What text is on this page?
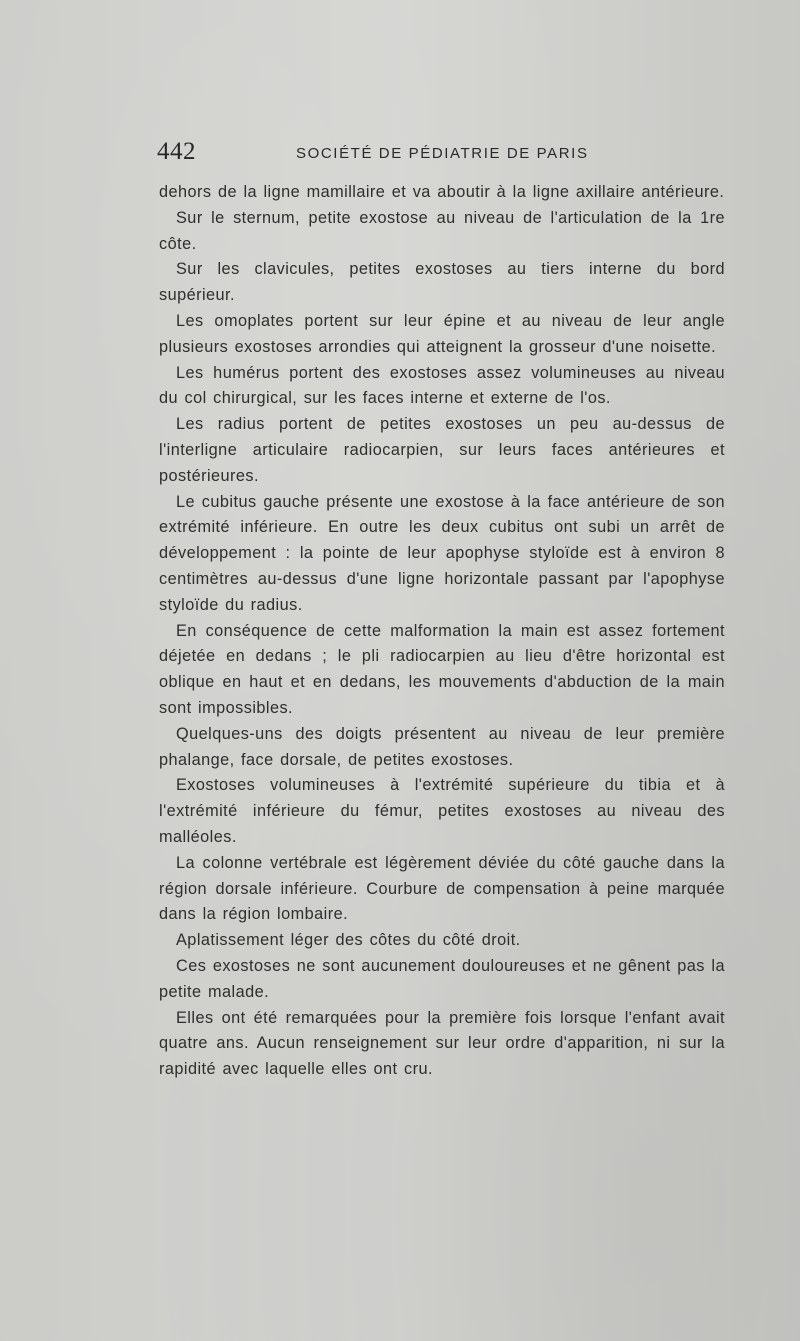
442	SOCIÉTÉ DE PÉDIATRIE DE PARIS

dehors de la ligne mamillaire et va aboutir à la ligne axillaire antérieure.

Sur le sternum, petite exostose au niveau de l'articulation de la 1re côte.

Sur les clavicules, petites exostoses au tiers interne du bord supérieur.

Les omoplates portent sur leur épine et au niveau de leur angle plusieurs exostoses arrondies qui atteignent la grosseur d'une noisette.

Les humérus portent des exostoses assez volumineuses au niveau du col chirurgical, sur les faces interne et externe de l'os.

Les radius portent de petites exostoses un peu au-dessus de l'interligne articulaire radiocarpien, sur leurs faces antérieures et postérieures.

Le cubitus gauche présente une exostose à la face antérieure de son extrémité inférieure. En outre les deux cubitus ont subi un arrêt de développement : la pointe de leur apophyse styloïde est à environ 8 centimètres au-dessus d'une ligne horizontale passant par l'apophyse styloïde du radius.

En conséquence de cette malformation la main est assez fortement déjetée en dedans ; le pli radiocarpien au lieu d'être horizontal est oblique en haut et en dedans, les mouvements d'abduction de la main sont impossibles.

Quelques-uns des doigts présentent au niveau de leur première phalange, face dorsale, de petites exostoses.

Exostoses volumineuses à l'extrémité supérieure du tibia et à l'extrémité inférieure du fémur, petites exostoses au niveau des malléoles.

La colonne vertébrale est légèrement déviée du côté gauche dans la région dorsale inférieure. Courbure de compensation à peine marquée dans la région lombaire.

Aplatissement léger des côtes du côté droit.

Ces exostoses ne sont aucunement douloureuses et ne gênent pas la petite malade.

Elles ont été remarquées pour la première fois lorsque l'enfant avait quatre ans. Aucun renseignement sur leur ordre d'apparition, ni sur la rapidité avec laquelle elles ont cru.
